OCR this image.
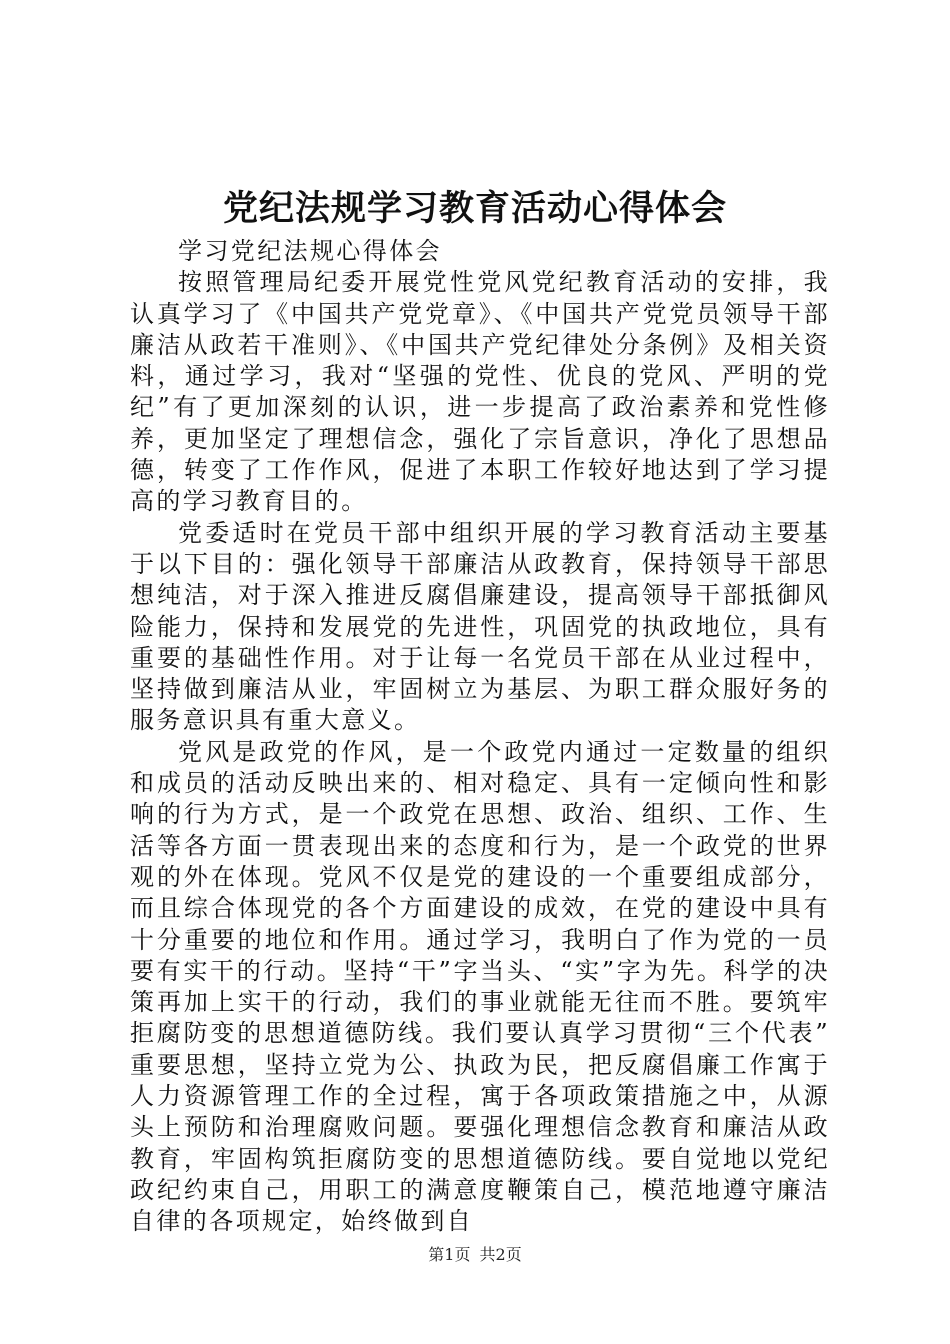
党纪法规学习教育活动心得体会

学习党纪法规心得体会

按照管理局纪委开展党性党风党纪教育活动的安排，我认真学习了《中国共产党党章》、《中国共产党党员领导干部廉洁从政若干准则》、《中国共产党纪律处分条例》及相关资料，通过学习，我对“坚强的党性、优良的党风、严明的党纪”有了更加深刻的认识，进一步提高了政治素养和党性修养，更加坚定了理想信念，强化了宗旨意识，净化了思想品德，转变了工作作风，促进了本职工作较好地达到了学习提高的学习教育目的。

党委适时在党员干部中组织开展的学习教育活动主要基于以下目的：强化领导干部廉洁从政教育，保持领导干部思想纯洁，对于深入推进反腐倡廉建设，提高领导干部抵御风险能力，保持和发展党的先进性，巩固党的执政地位，具有重要的基础性作用。对于让每一名党员干部在从业过程中，坚持做到廉洁从业，牢固树立为基层、为职工群众服好务的服务意识具有重大意义。

党风是政党的作风，是一个政党内通过一定数量的组织和成员的活动反映出来的、相对稳定、具有一定倾向性和影响的行为方式，是一个政党在思想、政治、组织、工作、生活等各方面一贯表现出来的态度和行为，是一个政党的世界观的外在体现。党风不仅是党的建设的一个重要组成部分，而且综合体现党的各个方面建设的成效，在党的建设中具有十分重要的地位和作用。通过学习，我明白了作为党的一员要有实干的行动。坚持“干”字当头、“实”字为先。科学的决策再加上实干的行动，我们的事业就能无往而不胜。要筑牢拒腐防变的思想道德防线。我们要认真学习贯彻“三个代表”重要思想，坚持立党为公、执政为民，把反腐倡廉工作寓于人力资源管理工作的全过程，寓于各项政策措施之中，从源头上预防和治理腐败问题。要强化理想信念教育和廉洁从政教育，牢固构筑拒腐防变的思想道德防线。要自觉地以党纪政纪约束自己，用职工的满意度鞭策自己，模范地遵守廉洁自律的各项规定，始终做到自

第1页 共2页
